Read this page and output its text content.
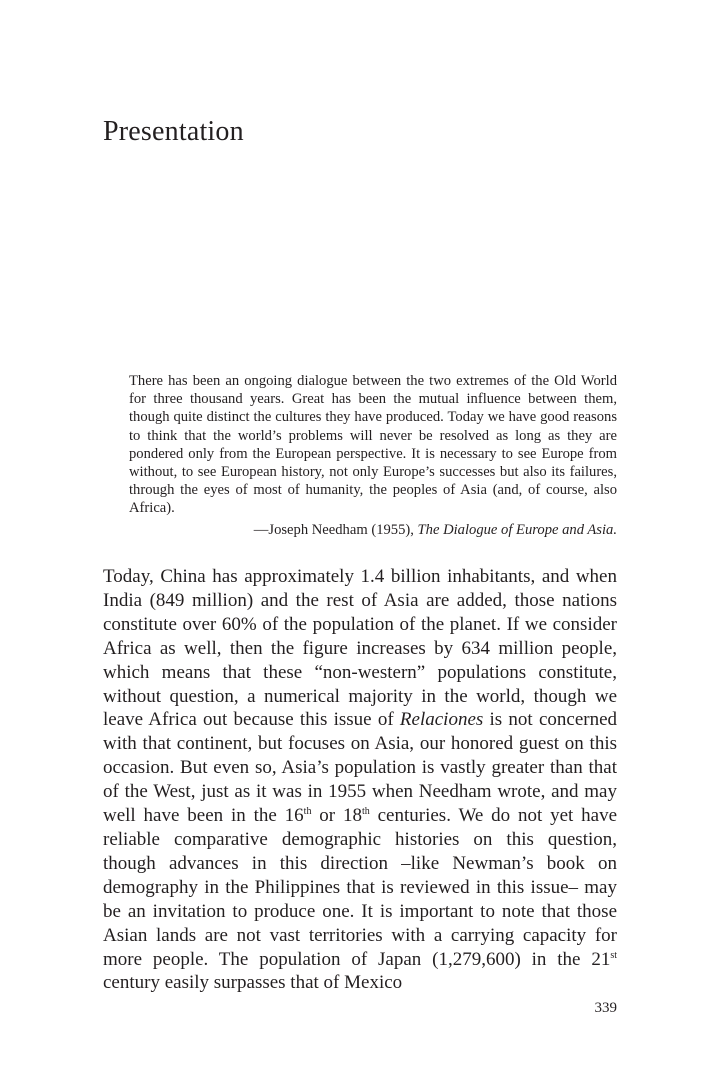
Presentation

There has been an ongoing dialogue between the two extremes of the Old World for three thousand years. Great has been the mutual influence between them, though quite distinct the cultures they have produced. Today we have good reasons to think that the world’s problems will never be resolved as long as they are pondered only from the European perspective. It is necessary to see Europe from without, to see European history, not only Europe’s successes but also its failures, through the eyes of most of humanity, the peoples of Asia (and, of course, also Africa).

—Joseph Needham (1955), The Dialogue of Europe and Asia.

Today, China has approximately 1.4 billion inhabitants, and when India (849 million) and the rest of Asia are added, those nations constitute over 60% of the population of the planet. If we consider Africa as well, then the figure increases by 634 million people, which means that these “non-western” populations constitute, without question, a numerical majority in the world, though we leave Africa out because this issue of Relaciones is not concerned with that continent, but focuses on Asia, our honored guest on this occasion. But even so, Asia’s population is vastly greater than that of the West, just as it was in 1955 when Needham wrote, and may well have been in the 16th or 18th centuries. We do not yet have reliable comparative demographic histories on this question, though advances in this direction –like Newman’s book on demography in the Philippines that is reviewed in this issue– may be an invitation to produce one. It is important to note that those Asian lands are not vast territories with a carrying capacity for more people. The population of Japan (1,279,600) in the 21st century easily surpasses that of Mexico

339
